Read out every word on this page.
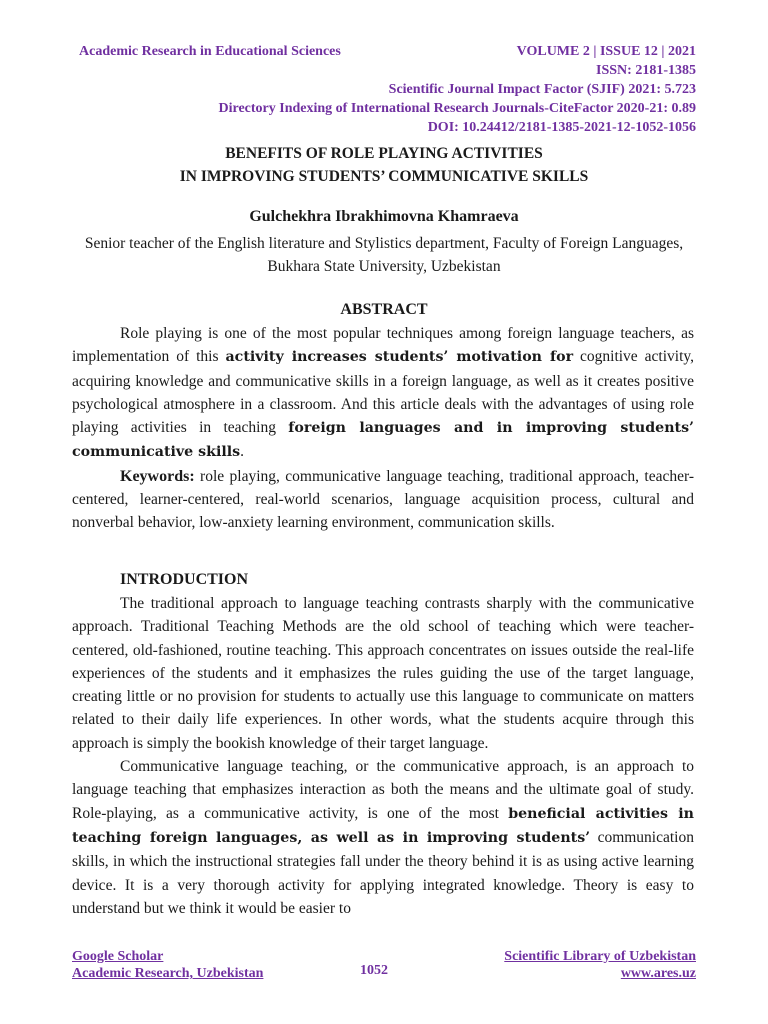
Academic Research in Educational Sciences	VOLUME 2 | ISSUE 12 | 2021
ISSN: 2181-1385
Scientific Journal Impact Factor (SJIF) 2021: 5.723
Directory Indexing of International Research Journals-CiteFactor 2020-21: 0.89
DOI: 10.24412/2181-1385-2021-12-1052-1056
BENEFITS OF ROLE PLAYING ACTIVITIES
IN IMPROVING STUDENTS’ COMMUNICATIVE SKILLS
Gulchekhra Ibrakhimovna Khamraeva
Senior teacher of the English literature and Stylistics department, Faculty of Foreign Languages, Bukhara State University, Uzbekistan
ABSTRACT

Role playing is one of the most popular techniques among foreign language teachers, as implementation of this activity increases students’ motivation for cognitive activity, acquiring knowledge and communicative skills in a foreign language, as well as it creates positive psychological atmosphere in a classroom. And this article deals with the advantages of using role playing activities in teaching foreign languages and in improving students’ communicative skills.

Keywords: role playing, communicative language teaching, traditional approach, teacher-centered, learner-centered, real-world scenarios, language acquisition process, cultural and nonverbal behavior, low-anxiety learning environment, communication skills.

INTRODUCTION

The traditional approach to language teaching contrasts sharply with the communicative approach. Traditional Teaching Methods are the old school of teaching which were teacher-centered, old-fashioned, routine teaching. This approach concentrates on issues outside the real-life experiences of the students and it emphasizes the rules guiding the use of the target language, creating little or no provision for students to actually use this language to communicate on matters related to their daily life experiences. In other words, what the students acquire through this approach is simply the bookish knowledge of their target language.

Communicative language teaching, or the communicative approach, is an approach to language teaching that emphasizes interaction as both the means and the ultimate goal of study. Role-playing, as a communicative activity, is one of the most beneficial activities in teaching foreign languages, as well as in improving students’ communication skills, in which the instructional strategies fall under the theory behind it is as using active learning device. It is a very thorough activity for applying integrated knowledge. Theory is easy to understand but we think it would be easier to

Google Scholar
Academic Research, Uzbekistan	1052
Scientific Library of Uzbekistan
www.ares.uz
